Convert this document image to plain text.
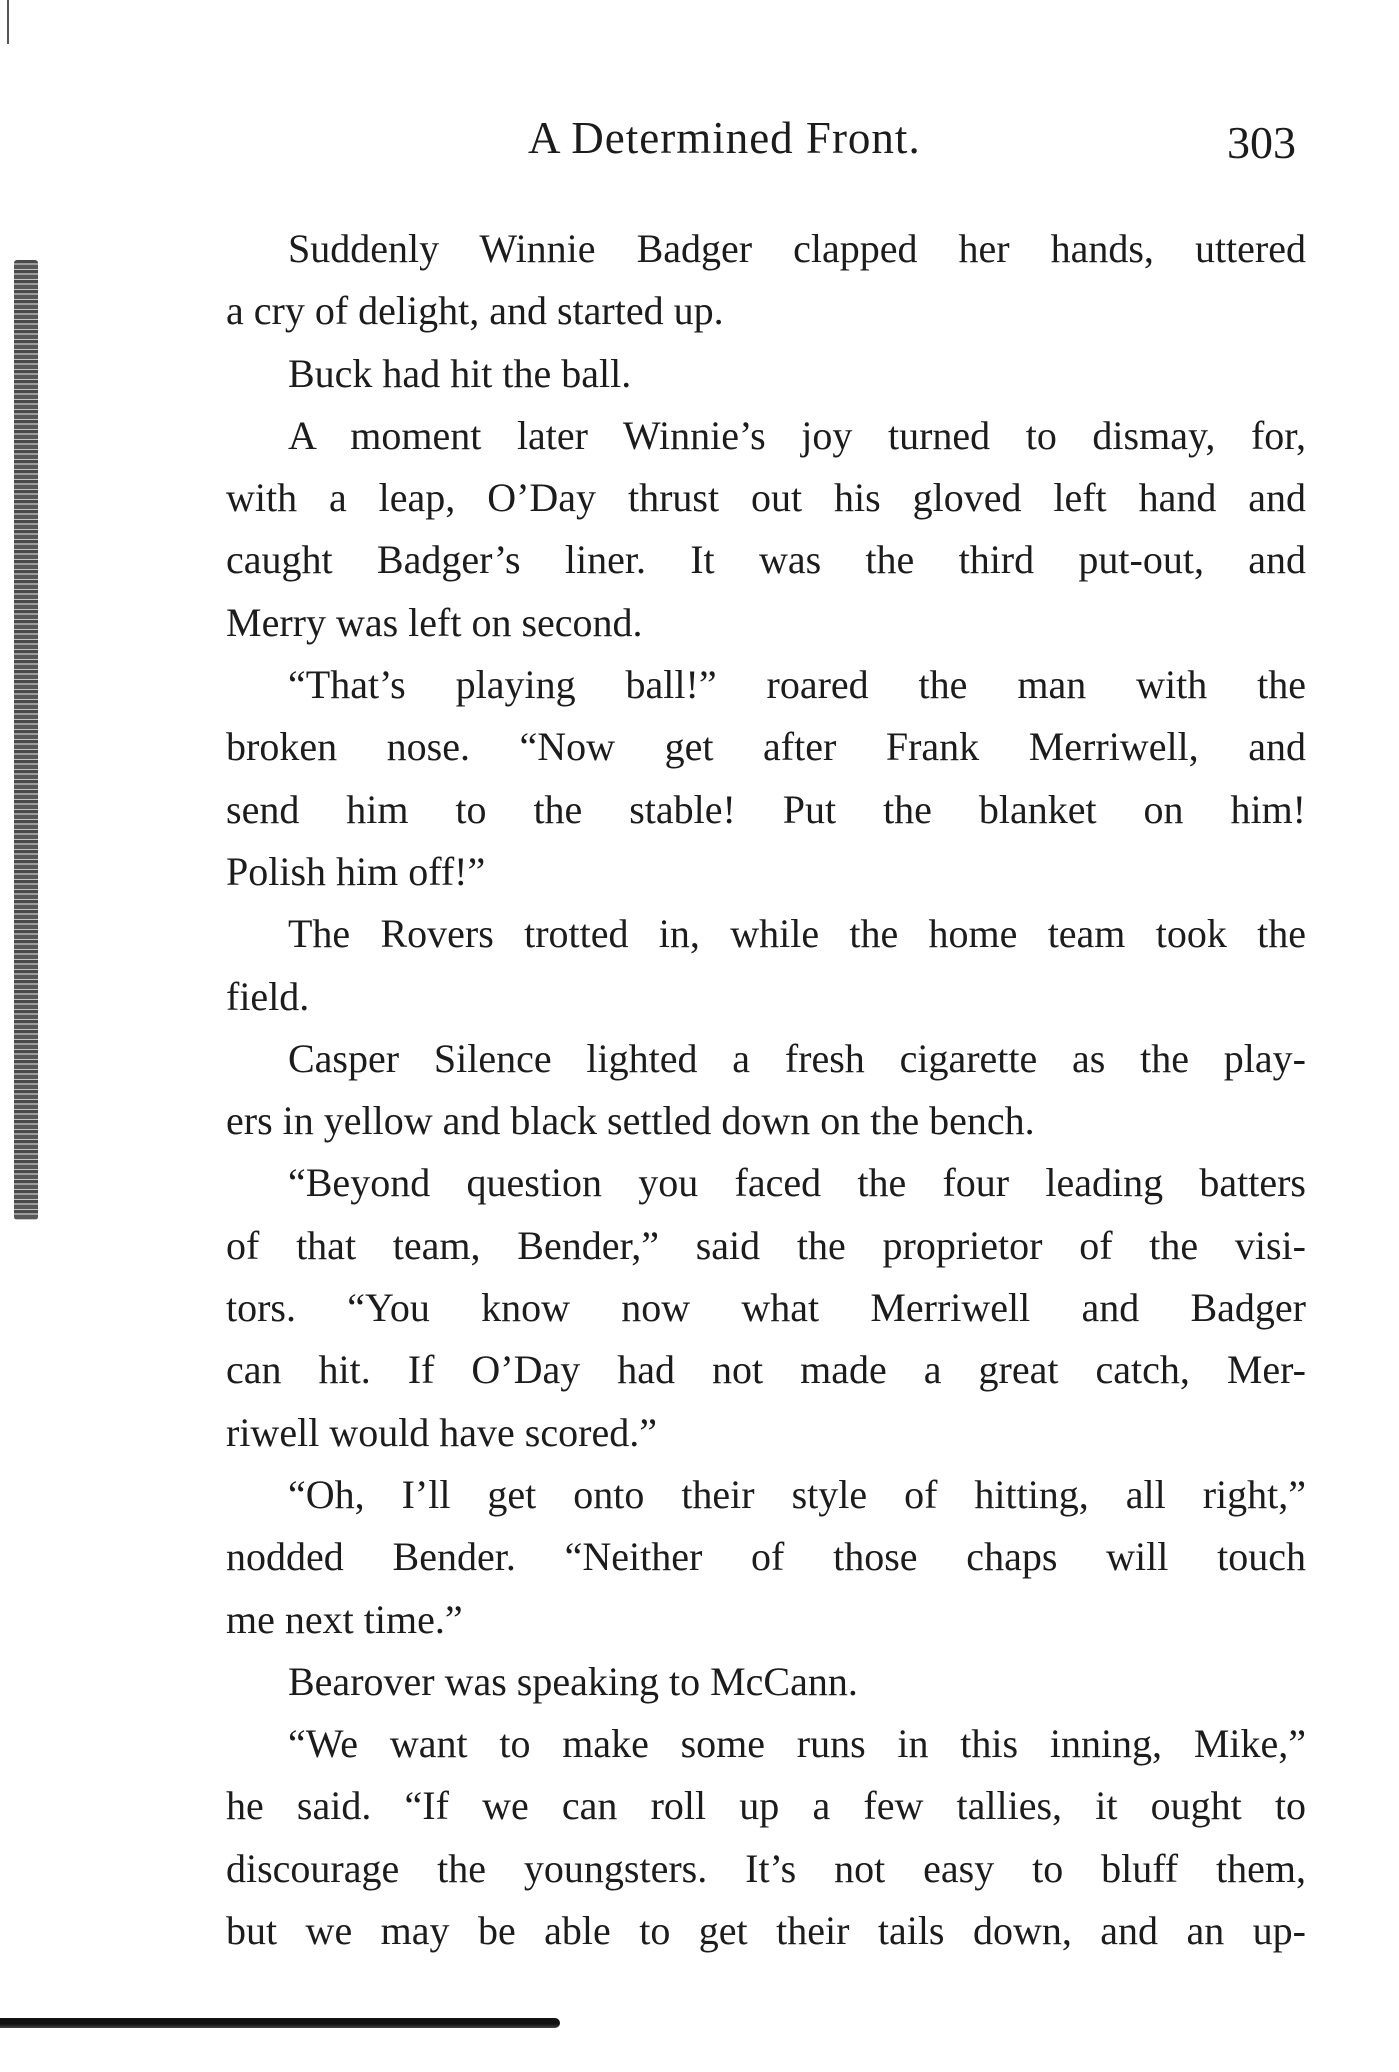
A Determined Front.	303
Suddenly Winnie Badger clapped her hands, uttered
a cry of delight, and started up.
Buck had hit the ball.
A moment later Winnie’s joy turned to dismay, for,
with a leap, O’Day thrust out his gloved left hand and
caught Badger’s liner. It was the third put-out, and
Merry was left on second.
“That’s playing ball!” roared the man with the
broken nose. “Now get after Frank Merriwell, and
send him to the stable! Put the blanket on him!
Polish him off!”
The Rovers trotted in, while the home team took the
field.
Casper Silence lighted a fresh cigarette as the play-
ers in yellow and black settled down on the bench.
“Beyond question you faced the four leading batters
of that team, Bender,” said the proprietor of the visi-
tors. “You know now what Merriwell and Badger
can hit. If O’Day had not made a great catch, Mer-
riwell would have scored.”
“Oh, I’ll get onto their style of hitting, all right,”
nodded Bender. “Neither of those chaps will touch
me next time.”
Bearover was speaking to McCann.
“We want to make some runs in this inning, Mike,”
he said. “If we can roll up a few tallies, it ought to
discourage the youngsters. It’s not easy to bluff them,
but we may be able to get their tails down, and an up-
